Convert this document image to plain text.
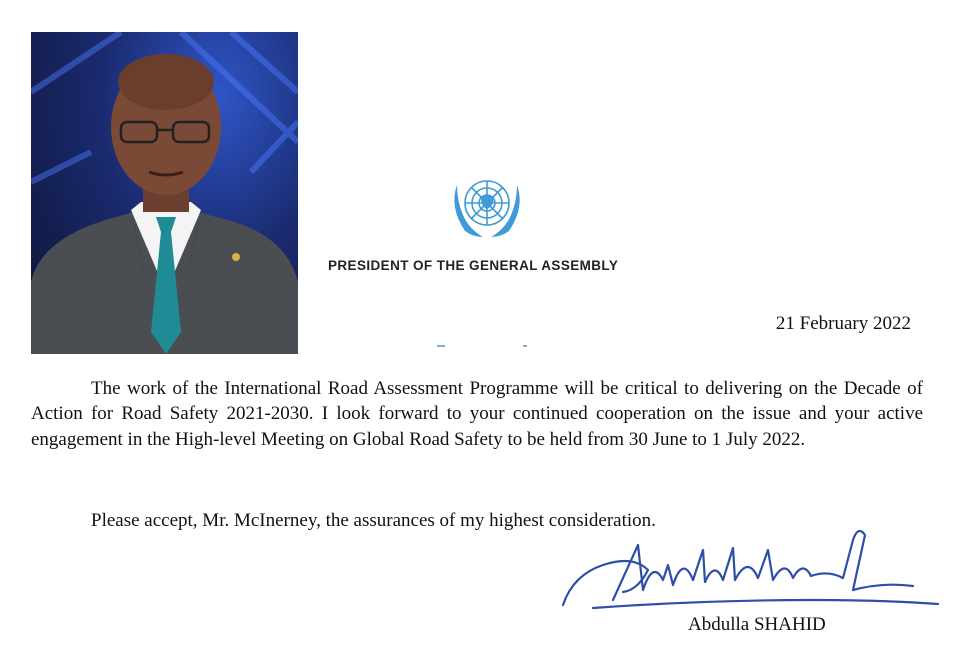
PRESIDENT OF THE GENERAL ASSEMBLY
21 February 2022
The work of the International Road Assessment Programme will be critical to delivering on the Decade of Action for Road Safety 2021-2030. I look forward to your continued cooperation on the issue and your active engagement in the High-level Meeting on Global Road Safety to be held from 30 June to 1 July 2022.
Please accept, Mr. McInerney, the assurances of my highest consideration.
Abdulla SHAHID
